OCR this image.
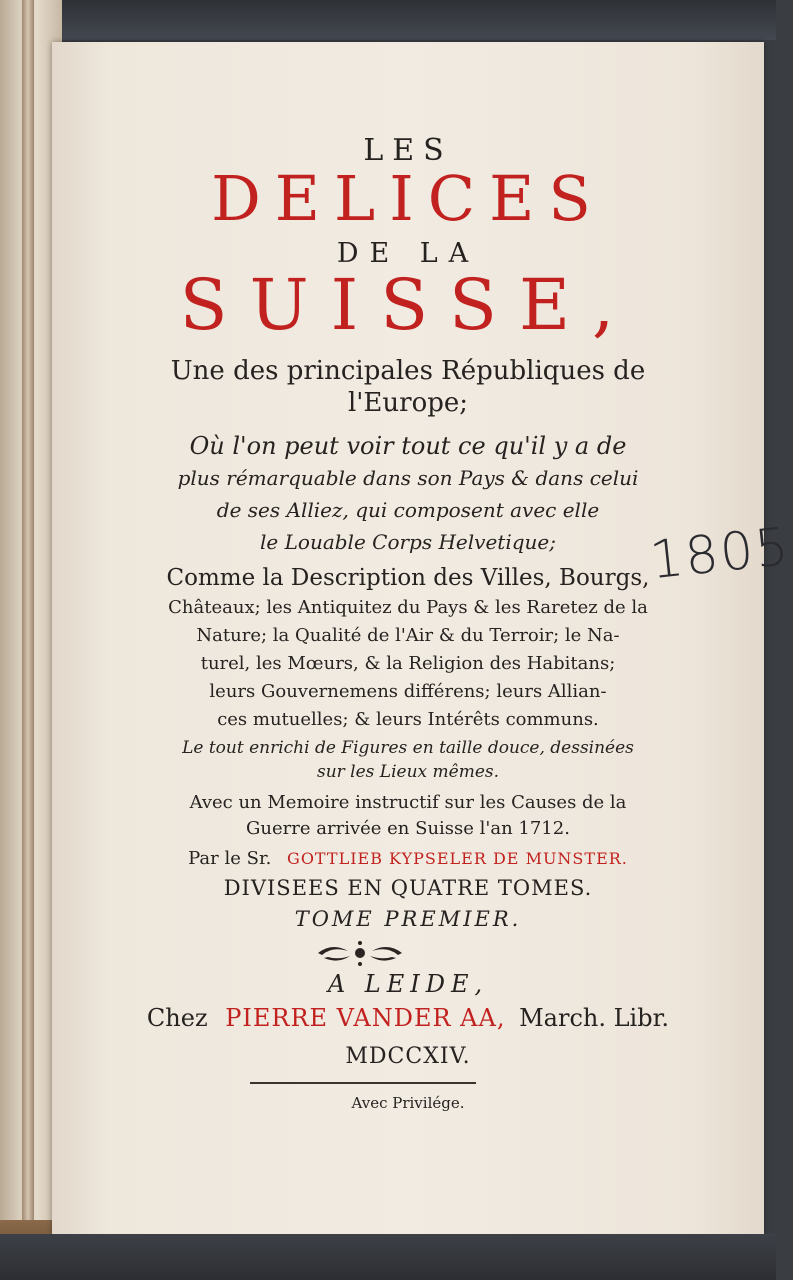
LES
DELICES
DE LA
SUISSE,
Une des principales Républiques de
l'Europe;
Où l'on peut voir tout ce qu'il y a de
plus rémarquable dans son Pays & dans celui
de ses Alliez, qui composent avec elle
le Louable Corps Helvetique;
Comme la Description des Villes, Bourgs,
Châteaux; les Antiquitez du Pays & les Raretez de la
Nature; la Qualité de l'Air & du Terroir; le Na-
turel, les Mœurs, & la Religion des Habitans;
leurs Gouvernemens différens; leurs Allian-
ces mutuelles; & leurs Intérêts communs.
Le tout enrichi de Figures en taille douce, dessinées
sur les Lieux mêmes.
Avec un Memoire instructif sur les Causes de la
Guerre arrivée en Suisse l'an 1712.
Par le Sr. GOTTLIEB KYPSELER DE MUNSTER.
DIVISEES EN QUATRE TOMES.
TOME PREMIER.
A LEIDE,
Chez PIERRE VANDER AA, March. Libr.
MDCCXIV.
Avec Privilége.
1805
